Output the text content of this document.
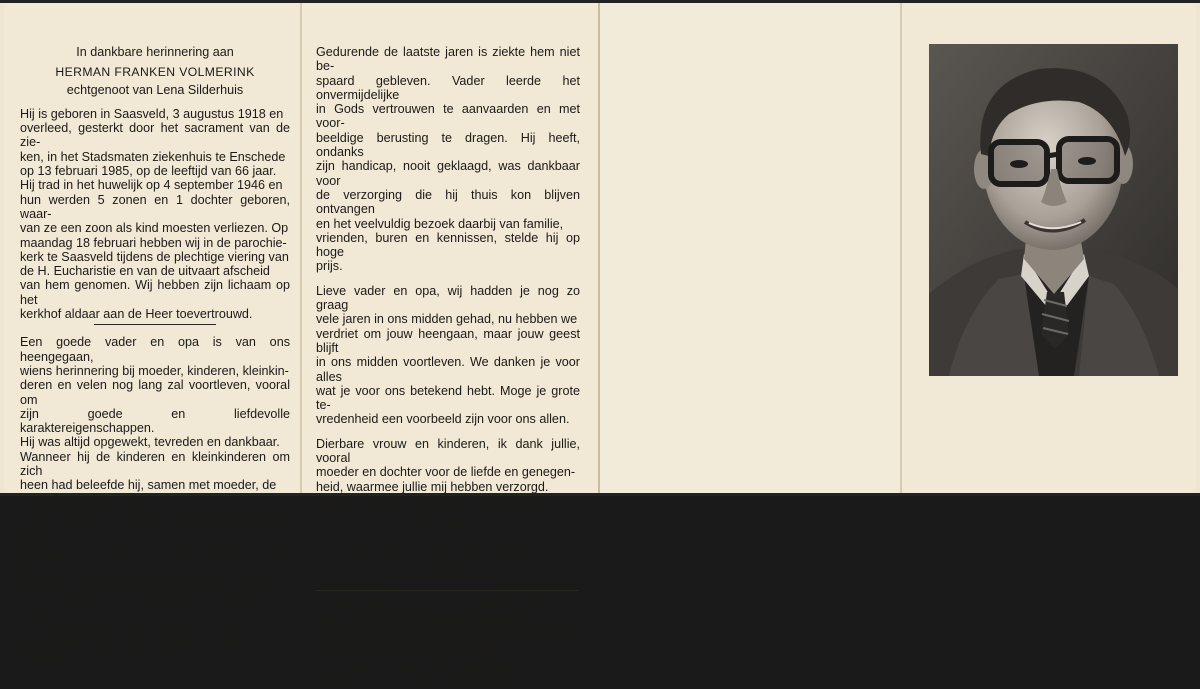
In dankbare herinnering aan
HERMAN FRANKEN VOLMERINK
echtgenoot van Lena Silderhuis

Hij is geboren in Saasveld, 3 augustus 1918 en
overleed, gesterkt door het sacrament van de zie-
ken, in het Stadsmaten ziekenhuis te Enschede
op 13 februari 1985, op de leeftijd van 66 jaar.
Hij trad in het huwelijk op 4 september 1946 en
hun werden 5 zonen en 1 dochter geboren, waar-
van ze een zoon als kind moesten verliezen. Op
maandag 18 februari hebben wij in de parochie-
kerk te Saasveld tijdens de plechtige viering van
de H. Eucharistie en van de uitvaart afscheid
van hem genomen. Wij hebben zijn lichaam op het
kerkhof aldaar aan de Heer toevertrouwd.

Een goede vader en opa is van ons heengegaan,
wiens herinnering bij moeder, kinderen, kleinkin-
deren en velen nog lang zal voortleven, vooral om
zijn goede en liefdevolle karaktereigenschappen.
Hij was altijd opgewekt, tevreden en dankbaar.
Wanneer hij de kinderen en kleinkinderen om zich
heen had beleefde hij, samen met moeder, de
vreugde van het gezin.
Vader hield in zijn hart van het leven op de boer-
derij en heeft daarnaast samen met moeder jaren-
lang veel zorg besteed aan het dagelijkse leven in
het café. Naast zijn zorg en aandacht voor het
gezin, bedrijf en vertrouwde omgeving, had vader
veel belangstelling voor de paardesport, men
kende hem als een groot liefhebber van paarden.

Gedurende de laatste jaren is ziekte hem niet be-
spaard gebleven. Vader leerde het onvermijdelijke
in Gods vertrouwen te aanvaarden en met voor-
beeldige berusting te dragen. Hij heeft, ondanks
zijn handicap, nooit geklaagd, was dankbaar voor
de verzorging die hij thuis kon blijven ontvangen
en het veelvuldig bezoek daarbij van familie,
vrienden, buren en kennissen, stelde hij op hoge
prijs.

Lieve vader en opa, wij hadden je nog zo graag
vele jaren in ons midden gehad, nu hebben we
verdriet om jouw heengaan, maar jouw geest blijft
in ons midden voortleven. We danken je voor alles
wat je voor ons betekend hebt. Moge je grote te-
vredenheid een voorbeeld zijn voor ons allen.

Dierbare vrouw en kinderen, ik dank jullie, vooral
moeder en dochter voor de liefde en genegen-
heid, waarmee jullie mij hebben verzorgd.
Ik dank ook allen die goed voor me waren.

Onze Vader - Wees Gegroet

Moge vader en opa nu leven bij God in eeuwige
vreugde en vrede.

Hiermee betuigen wij onze oprechte dank aan
allen die hem trouw kwamen bezoeken.
Voor uw aanwezigheid bij de uitvaart en mede-
leven danken wij u heel hartelijk.

H. M. Franken Volmerink-Silderhuis
Kinderen, behuwd- en kleinkinderen
